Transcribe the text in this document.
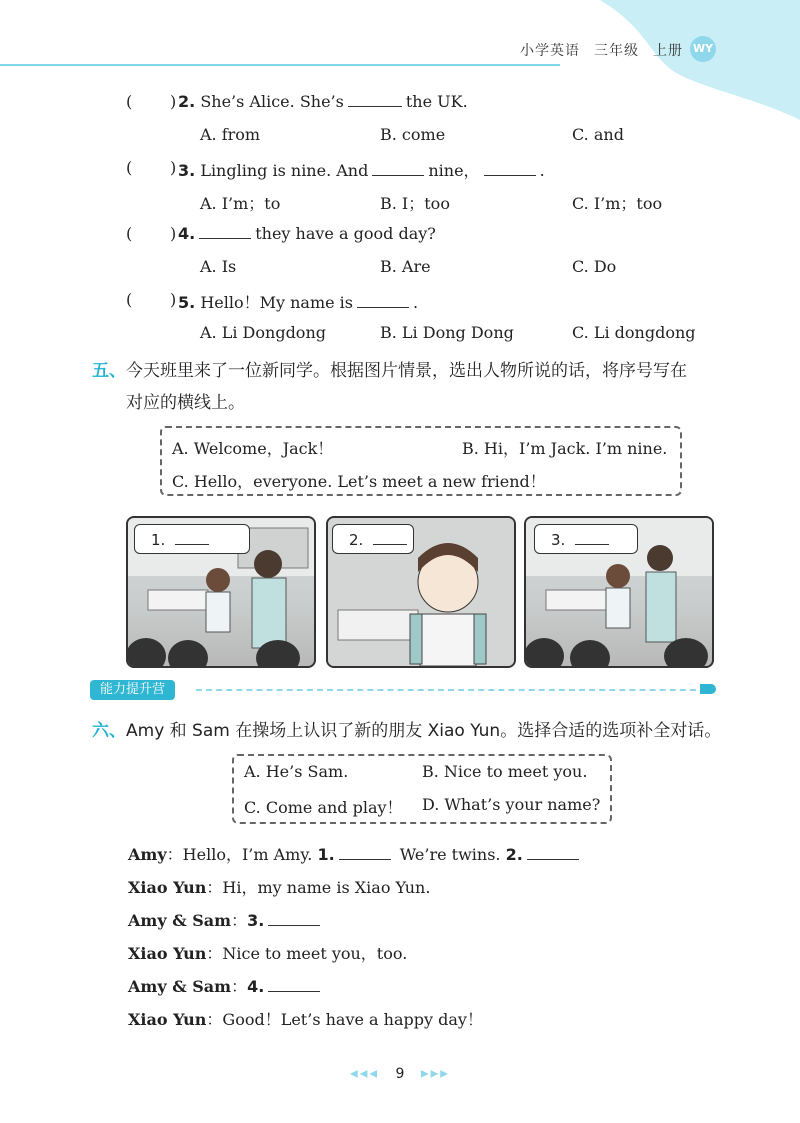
小学英语 三年级 上册 WY
( ) 2. She’s Alice. She’s	the UK.
A. from	B. come	C. and
( ) 3. Lingling is nine. And	nine，	.
A. I’m；to	B. I；too	C. I’m；too
( ) 4.	they have a good day?
A. Is	B. Are	C. Do
( ) 5. Hello！My name is	.
A. Li Dongdong	B. Li Dong Dong	C. Li dongdong
五、今天班里来了一位新同学。根据图片情景，选出人物所说的话，将序号写在
对应的横线上。
A. Welcome，Jack！	B. Hi，I’m Jack. I’m nine.
C. Hello，everyone. Let’s meet a new friend！
1.	2.	3.
能力提升营
六、Amy 和 Sam 在操场上认识了新的朋友 Xiao Yun。选择合适的选项补全对话。
A. He’s Sam.	B. Nice to meet you.
C. Come and play！ D. What’s your name?
Amy：Hello，I’m Amy. 1.	We’re twins. 2.
Xiao Yun：Hi，my name is Xiao Yun.
Amy & Sam：3.
Xiao Yun：Nice to meet you，too.
Amy & Sam：4.
Xiao Yun：Good！Let’s have a happy day！
◀◀◀ 9 ▶▶▶
